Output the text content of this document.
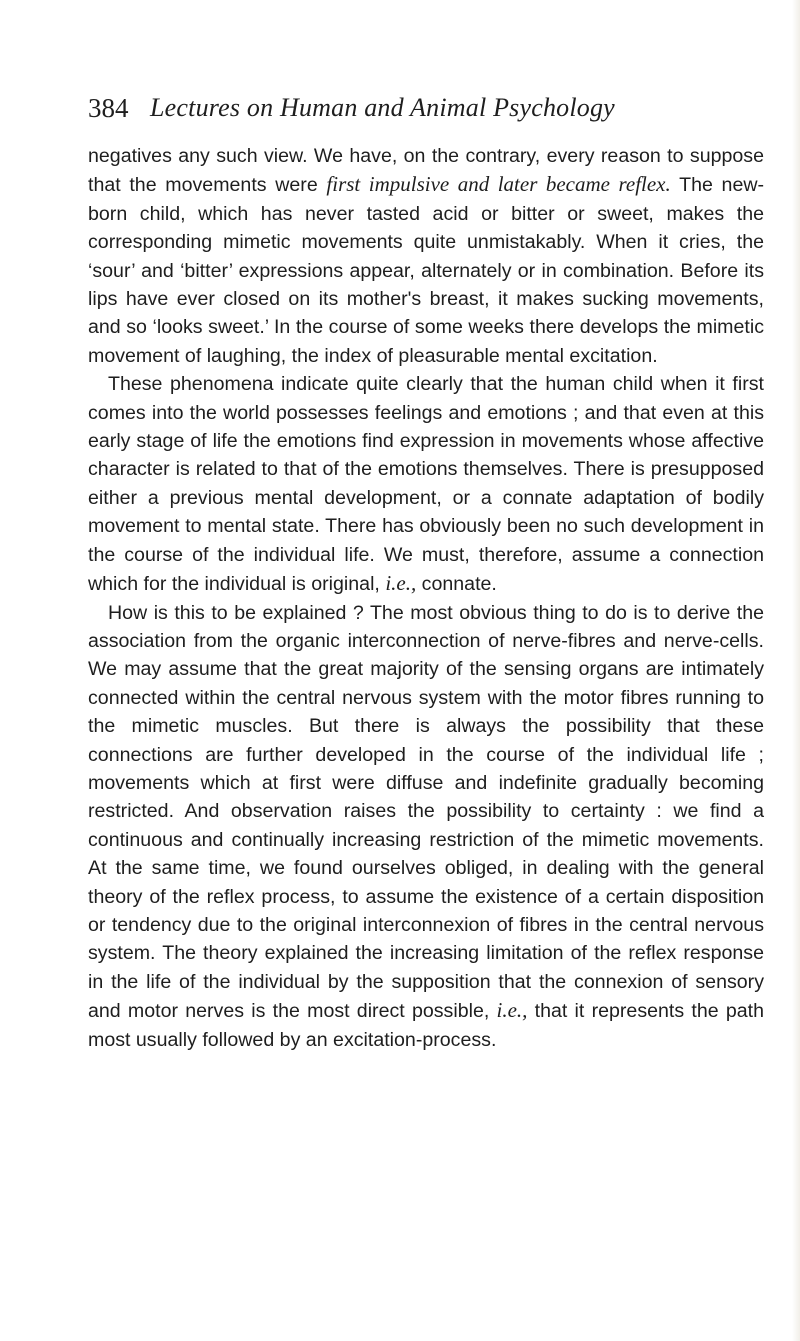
384 Lectures on Human and Animal Psychology

negatives any such view. We have, on the contrary, every reason to suppose that the movements were first impulsive and later became reflex. The new-born child, which has never tasted acid or bitter or sweet, makes the corresponding mimetic movements quite unmistakably. When it cries, the ‘sour’ and ‘bitter’ expressions appear, alternately or in combination. Before its lips have ever closed on its mother's breast, it makes sucking movements, and so ‘looks sweet.’ In the course of some weeks there develops the mimetic movement of laughing, the index of pleasurable mental excitation.

These phenomena indicate quite clearly that the human child when it first comes into the world possesses feelings and emotions ; and that even at this early stage of life the emotions find expression in movements whose affective character is related to that of the emotions themselves. There is presupposed either a previous mental development, or a connate adaptation of bodily movement to mental state. There has obviously been no such development in the course of the individual life. We must, therefore, assume a connection which for the individual is original, i.e., connate.

How is this to be explained ? The most obvious thing to do is to derive the association from the organic interconnection of nerve-fibres and nerve-cells. We may assume that the great majority of the sensing organs are intimately connected within the central nervous system with the motor fibres running to the mimetic muscles. But there is always the possibility that these connections are further developed in the course of the individual life ; movements which at first were diffuse and indefinite gradually becoming restricted. And observation raises the possibility to certainty : we find a continuous and continually increasing restriction of the mimetic movements. At the same time, we found ourselves obliged, in dealing with the general theory of the reflex process, to assume the existence of a certain disposition or tendency due to the original interconnexion of fibres in the central nervous system. The theory explained the increasing limitation of the reflex response in the life of the individual by the supposition that the connexion of sensory and motor nerves is the most direct possible, i.e., that it represents the path most usually followed by an excitation-process.
